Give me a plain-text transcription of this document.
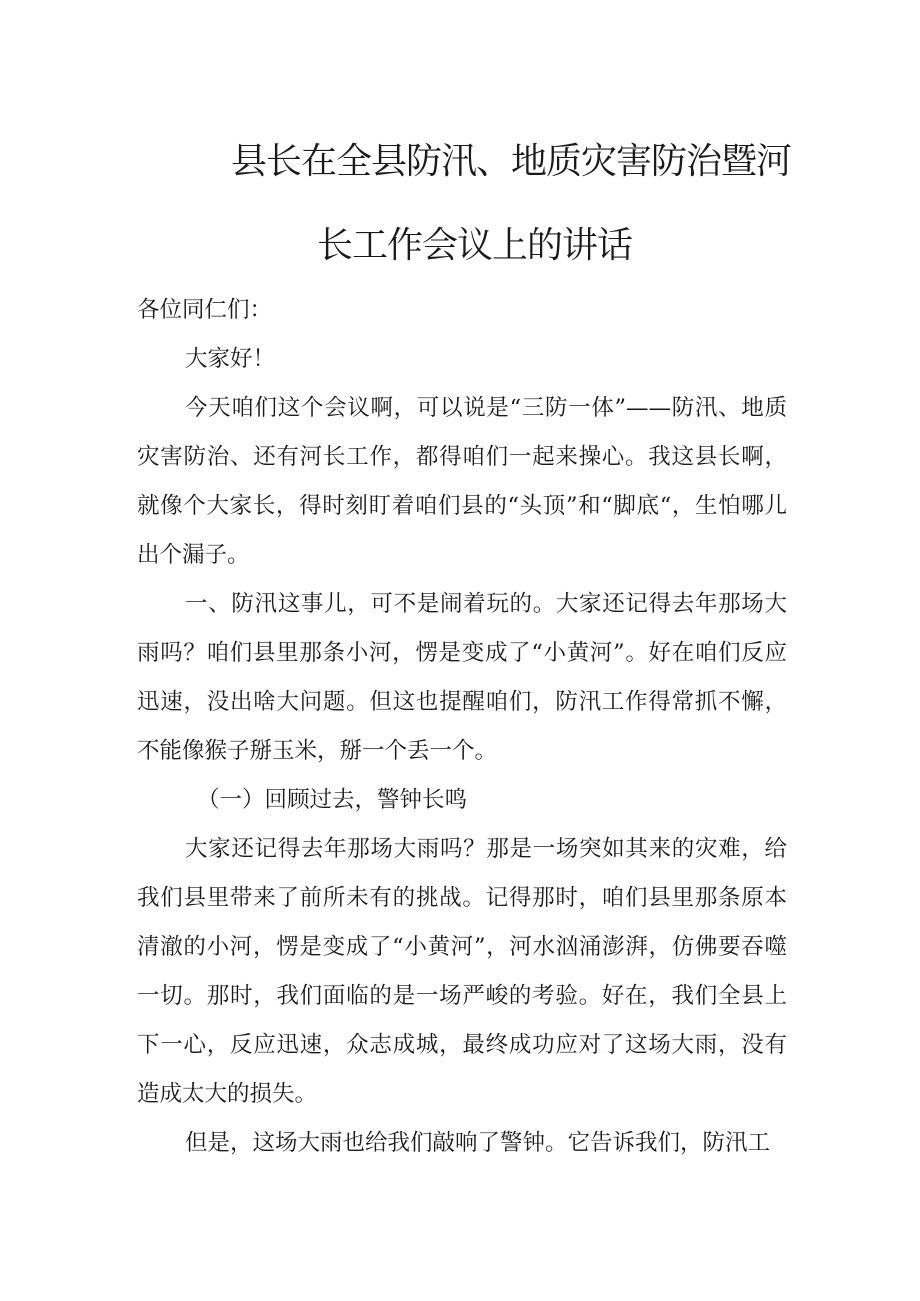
县长在全县防汛、地质灾害防治暨河
长工作会议上的讲话

各位同仁们：

大家好！

今天咱们这个会议啊，可以说是“三防一体”——防汛、地质灾害防治、还有河长工作，都得咱们一起来操心。我这县长啊，就像个大家长，得时刻盯着咱们县的“头顶”和“脚底“，生怕哪儿出个漏子。

一、防汛这事儿，可不是闹着玩的。大家还记得去年那场大雨吗？咱们县里那条小河，愣是变成了“小黄河”。好在咱们反应迅速，没出啥大问题。但这也提醒咱们，防汛工作得常抓不懈，不能像猴子掰玉米，掰一个丢一个。

（一）回顾过去，警钟长鸣

大家还记得去年那场大雨吗？那是一场突如其来的灾难，给我们县里带来了前所未有的挑战。记得那时，咱们县里那条原本清澈的小河，愣是变成了“小黄河”，河水汹涌澎湃，仿佛要吞噬一切。那时，我们面临的是一场严峻的考验。好在，我们全县上下一心，反应迅速，众志成城，最终成功应对了这场大雨，没有造成太大的损失。

但是，这场大雨也给我们敲响了警钟。它告诉我们，防汛工
